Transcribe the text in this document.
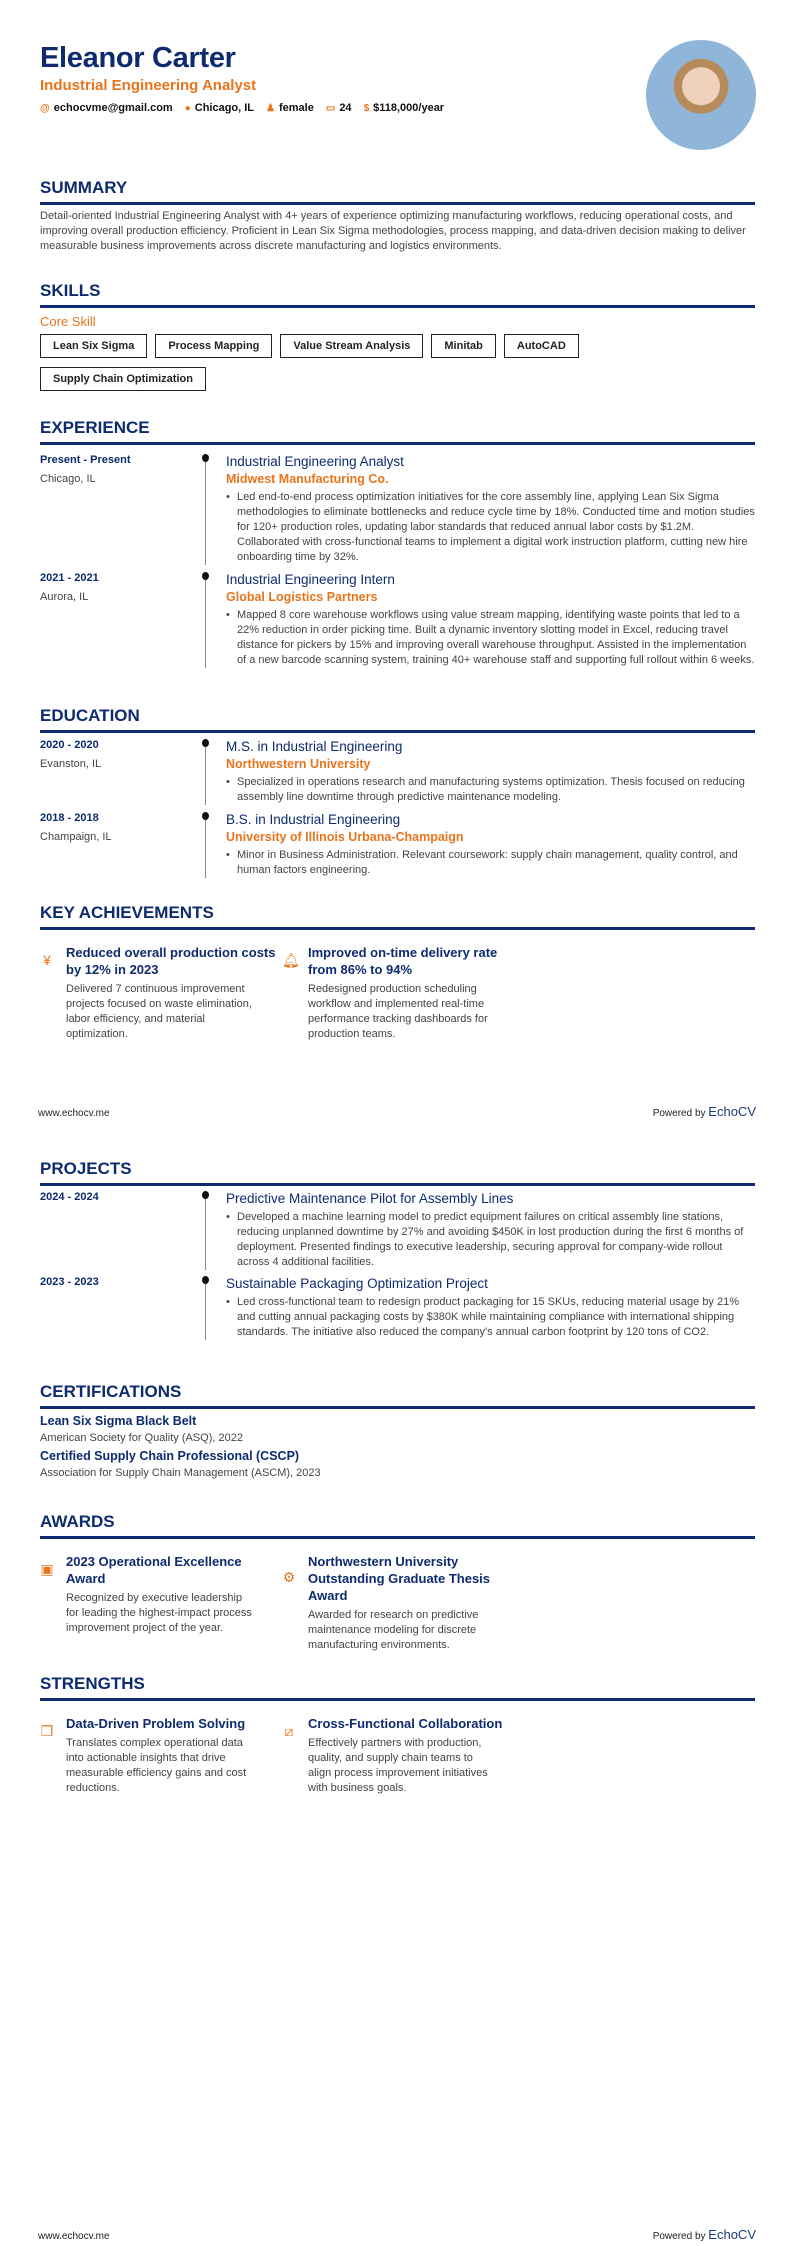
Eleanor Carter
Industrial Engineering Analyst
@ echocvme@gmail.com ● Chicago, IL ♟ female ▭ 24 $ $118,000/year
SUMMARY
Detail-oriented Industrial Engineering Analyst with 4+ years of experience optimizing manufacturing workflows, reducing operational costs, and improving overall production efficiency. Proficient in Lean Six Sigma methodologies, process mapping, and data-driven decision making to deliver measurable business improvements across discrete manufacturing and logistics environments.
SKILLS
Core Skill
Lean Six Sigma	Process Mapping	Value Stream Analysis	Minitab	AutoCAD
Supply Chain Optimization
EXPERIENCE
Present - Present
Chicago, IL
Industrial Engineering Analyst
Midwest Manufacturing Co.
• Led end-to-end process optimization initiatives for the core assembly line, applying Lean Six Sigma methodologies to eliminate bottlenecks and reduce cycle time by 18%. Conducted time and motion studies for 120+ production roles, updating labor standards that reduced annual labor costs by $1.2M. Collaborated with cross-functional teams to implement a digital work instruction platform, cutting new hire onboarding time by 32%.
2021 - 2021
Aurora, IL
Industrial Engineering Intern
Global Logistics Partners
• Mapped 8 core warehouse workflows using value stream mapping, identifying waste points that led to a 22% reduction in order picking time. Built a dynamic inventory slotting model in Excel, reducing travel distance for pickers by 15% and improving overall warehouse throughput. Assisted in the implementation of a new barcode scanning system, training 40+ warehouse staff and supporting full rollout within 6 weeks.
EDUCATION
2020 - 2020
Evanston, IL
M.S. in Industrial Engineering
Northwestern University
• Specialized in operations research and manufacturing systems optimization. Thesis focused on reducing assembly line downtime through predictive maintenance modeling.
2018 - 2018
Champaign, IL
B.S. in Industrial Engineering
University of Illinois Urbana-Champaign
• Minor in Business Administration. Relevant coursework: supply chain management, quality control, and human factors engineering.
KEY ACHIEVEMENTS
¥ Reduced overall production costs by 12% in 2023
Delivered 7 continuous improvement projects focused on waste elimination, labor efficiency, and material optimization.
🔔︎ Improved on-time delivery rate from 86% to 94%
Redesigned production scheduling workflow and implemented real-time performance tracking dashboards for production teams.
www.echocv.me	Powered by EchoCV
PROJECTS
2024 - 2024	Predictive Maintenance Pilot for Assembly Lines
• Developed a machine learning model to predict equipment failures on critical assembly line stations, reducing unplanned downtime by 27% and avoiding $450K in lost production during the first 6 months of deployment. Presented findings to executive leadership, securing approval for company-wide rollout across 4 additional facilities.
2023 - 2023	Sustainable Packaging Optimization Project
• Led cross-functional team to redesign product packaging for 15 SKUs, reducing material usage by 21% and cutting annual packaging costs by $380K while maintaining compliance with international shipping standards. The initiative also reduced the company's annual carbon footprint by 120 tons of CO2.
CERTIFICATIONS
Lean Six Sigma Black Belt
American Society for Quality (ASQ), 2022
Certified Supply Chain Professional (CSCP)
Association for Supply Chain Management (ASCM), 2023
AWARDS
▣ 2023 Operational Excellence Award
Recognized by executive leadership for leading the highest-impact process improvement project of the year.
⚙
Northwestern University Outstanding Graduate Thesis Award
Awarded for research on predictive maintenance modeling for discrete manufacturing environments.
STRENGTHS
❐ Data-Driven Problem Solving
Translates complex operational data into actionable insights that drive measurable efficiency gains and cost reductions.
⧄ Cross-Functional Collaboration
Effectively partners with production, quality, and supply chain teams to align process improvement initiatives with business goals.
www.echocv.me	Powered by EchoCV
